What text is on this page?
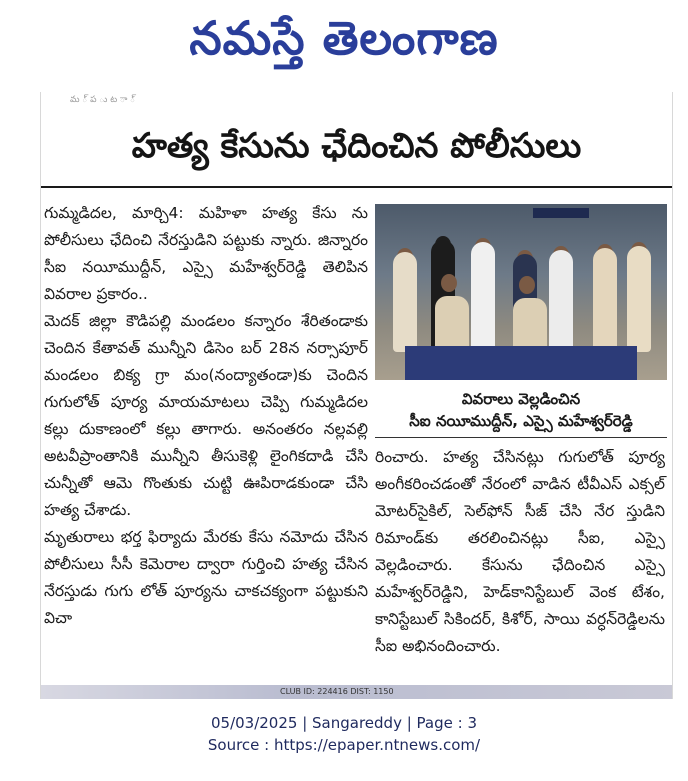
నమస్తే తెలంగాణ
మ ్ ప ు ట ా ్
హత్య కేసును ఛేదించిన పోలీసులు

గుమ్మడిదల, మార్చి4: మహిళా హత్య కేసు ను పోలీసులు ఛేదించి నేరస్తుడిని పట్టుకు న్నారు. జిన్నారం సీఐ నయీముద్దీన్, ఎస్సై మహేశ్వర్‌రెడ్డి తెలిపిన వివరాల ప్రకారం..

మెదక్ జిల్లా కౌడిపల్లి మండలం కన్నారం శేరితండాకు చెందిన కేతావత్ మున్నీని డిసెం బర్ 28న నర్సాపూర్ మండలం బిక్య గ్రా మం(నంద్యాతండా)కు చెందిన గుగులోత్ పూర్య మాయమాటలు చెప్పి గుమ్మడిదల కల్లు దుకాణంలో కల్లు తాగారు. అనంతరం నల్లవల్లి అటవీప్రాంతానికి మున్నీని తీసుకెళ్లి లైంగికదాడి చేసి చున్నీతో ఆమె గొంతుకు చుట్టి ఊపిరాడకుండా చేసి హత్య చేశాడు.

మృతురాలు భర్త ఫిర్యాదు మేరకు కేసు నమోదు చేసిన పోలీసులు సీసీ కెమెరాల ద్వారా గుర్తించి హత్య చేసిన నేరస్తుడు గుగు లోత్ పూర్యను చాకచక్యంగా పట్టుకుని విచా

వివరాలు వెల్లడించిన
సీఐ నయీముద్దీన్, ఎస్సై మహేశ్వర్‌రెడ్డి

రించారు. హత్య చేసినట్లు గుగులోత్ పూర్య అంగీకరించడంతో నేరంలో వాడిన టీవీఎస్ ఎక్సల్ మోటర్‌సైకిల్, సెల్‌ఫోన్ సీజ్ చేసి నేర స్తుడిని రిమాండ్‌కు తరలించినట్లు సీఐ, ఎస్సై వెల్లడించారు. కేసును ఛేదించిన ఎస్సై మహేశ్వర్‌రెడ్డిని, హెడ్‌కానిస్టేబుల్ వెంక టేశం, కానిస్టేబుల్ సికిందర్, కిశోర్, సాయి వర్ధన్‌రెడ్డిలను సీఐ అభినందించారు.

CLUB ID: 224416 DIST: 1150
05/03/2025 | Sangareddy | Page : 3
Source : https://epaper.ntnews.com/
